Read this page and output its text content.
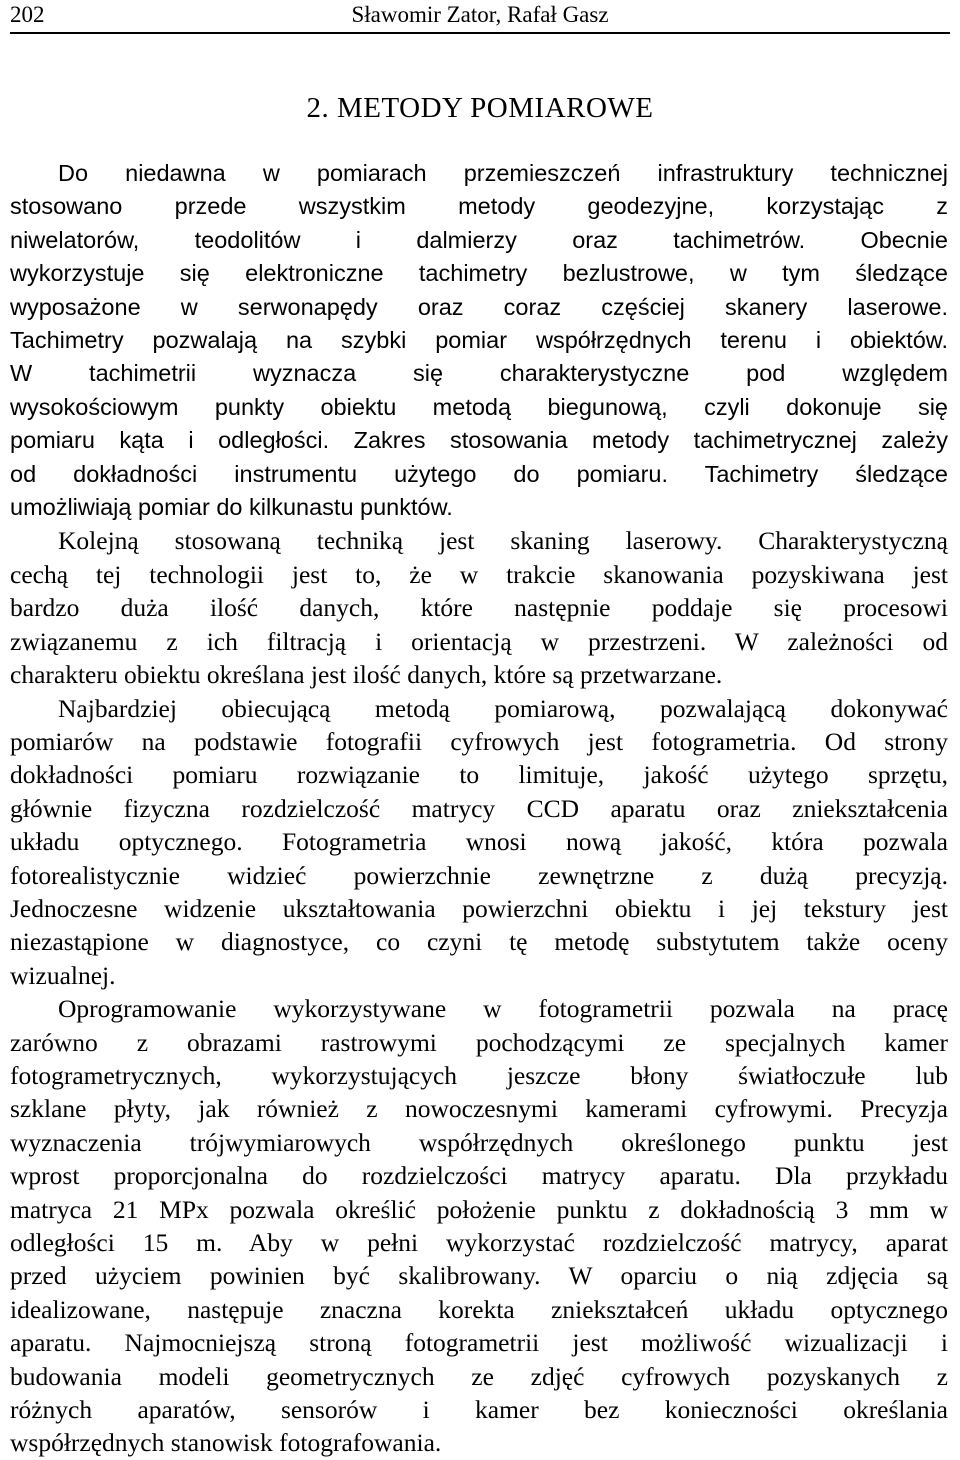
202	Sławomir Zator, Rafał Gasz
2. METODY POMIAROWE
Do niedawna w pomiarach przemieszczeń infrastruktury technicznej
stosowano przede wszystkim metody geodezyjne, korzystając z
niwelatorów, teodolitów i dalmierzy oraz tachimetrów. Obecnie
wykorzystuje się elektroniczne tachimetry bezlustrowe, w tym śledzące
wyposażone w serwonapędy oraz coraz częściej skanery laserowe.
Tachimetry pozwalają na szybki pomiar współrzędnych terenu i obiektów.
W tachimetrii wyznacza się charakterystyczne pod względem
wysokościowym punkty obiektu metodą biegunową, czyli dokonuje się
pomiaru kąta i odległości. Zakres stosowania metody tachimetrycznej zależy
od dokładności instrumentu użytego do pomiaru. Tachimetry śledzące
umożliwiają pomiar do kilkunastu punktów.
Kolejną stosowaną techniką jest skaning laserowy. Charakterystyczną
cechą tej technologii jest to, że w trakcie skanowania pozyskiwana jest
bardzo duża ilość danych, które następnie poddaje się procesowi
związanemu z ich filtracją i orientacją w przestrzeni. W zależności od
charakteru obiektu określana jest ilość danych, które są przetwarzane.
Najbardziej obiecującą metodą pomiarową, pozwalającą dokonywać
pomiarów na podstawie fotografii cyfrowych jest fotogrametria. Od strony
dokładności pomiaru rozwiązanie to limituje, jakość użytego sprzętu,
głównie fizyczna rozdzielczość matrycy CCD aparatu oraz zniekształcenia
układu optycznego. Fotogrametria wnosi nową jakość, która pozwala
fotorealistycznie widzieć powierzchnie zewnętrzne z dużą precyzją.
Jednoczesne widzenie ukształtowania powierzchni obiektu i jej tekstury jest
niezastąpione w diagnostyce, co czyni tę metodę substytutem także oceny
wizualnej.
Oprogramowanie wykorzystywane w fotogrametrii pozwala na pracę
zarówno z obrazami rastrowymi pochodzącymi ze specjalnych kamer
fotogrametrycznych, wykorzystujących jeszcze błony światłoczułe lub
szklane płyty, jak również z nowoczesnymi kamerami cyfrowymi. Precyzja
wyznaczenia trójwymiarowych współrzędnych określonego punktu jest
wprost proporcjonalna do rozdzielczości matrycy aparatu. Dla przykładu
matryca 21 MPx pozwala określić położenie punktu z dokładnością 3 mm w
odległości 15 m. Aby w pełni wykorzystać rozdzielczość matrycy, aparat
przed użyciem powinien być skalibrowany. W oparciu o nią zdjęcia są
idealizowane, następuje znaczna korekta zniekształceń układu optycznego
aparatu. Najmocniejszą stroną fotogrametrii jest możliwość wizualizacji i
budowania modeli geometrycznych ze zdjęć cyfrowych pozyskanych z
różnych aparatów, sensorów i kamer bez konieczności określania
współrzędnych stanowisk fotografowania.
